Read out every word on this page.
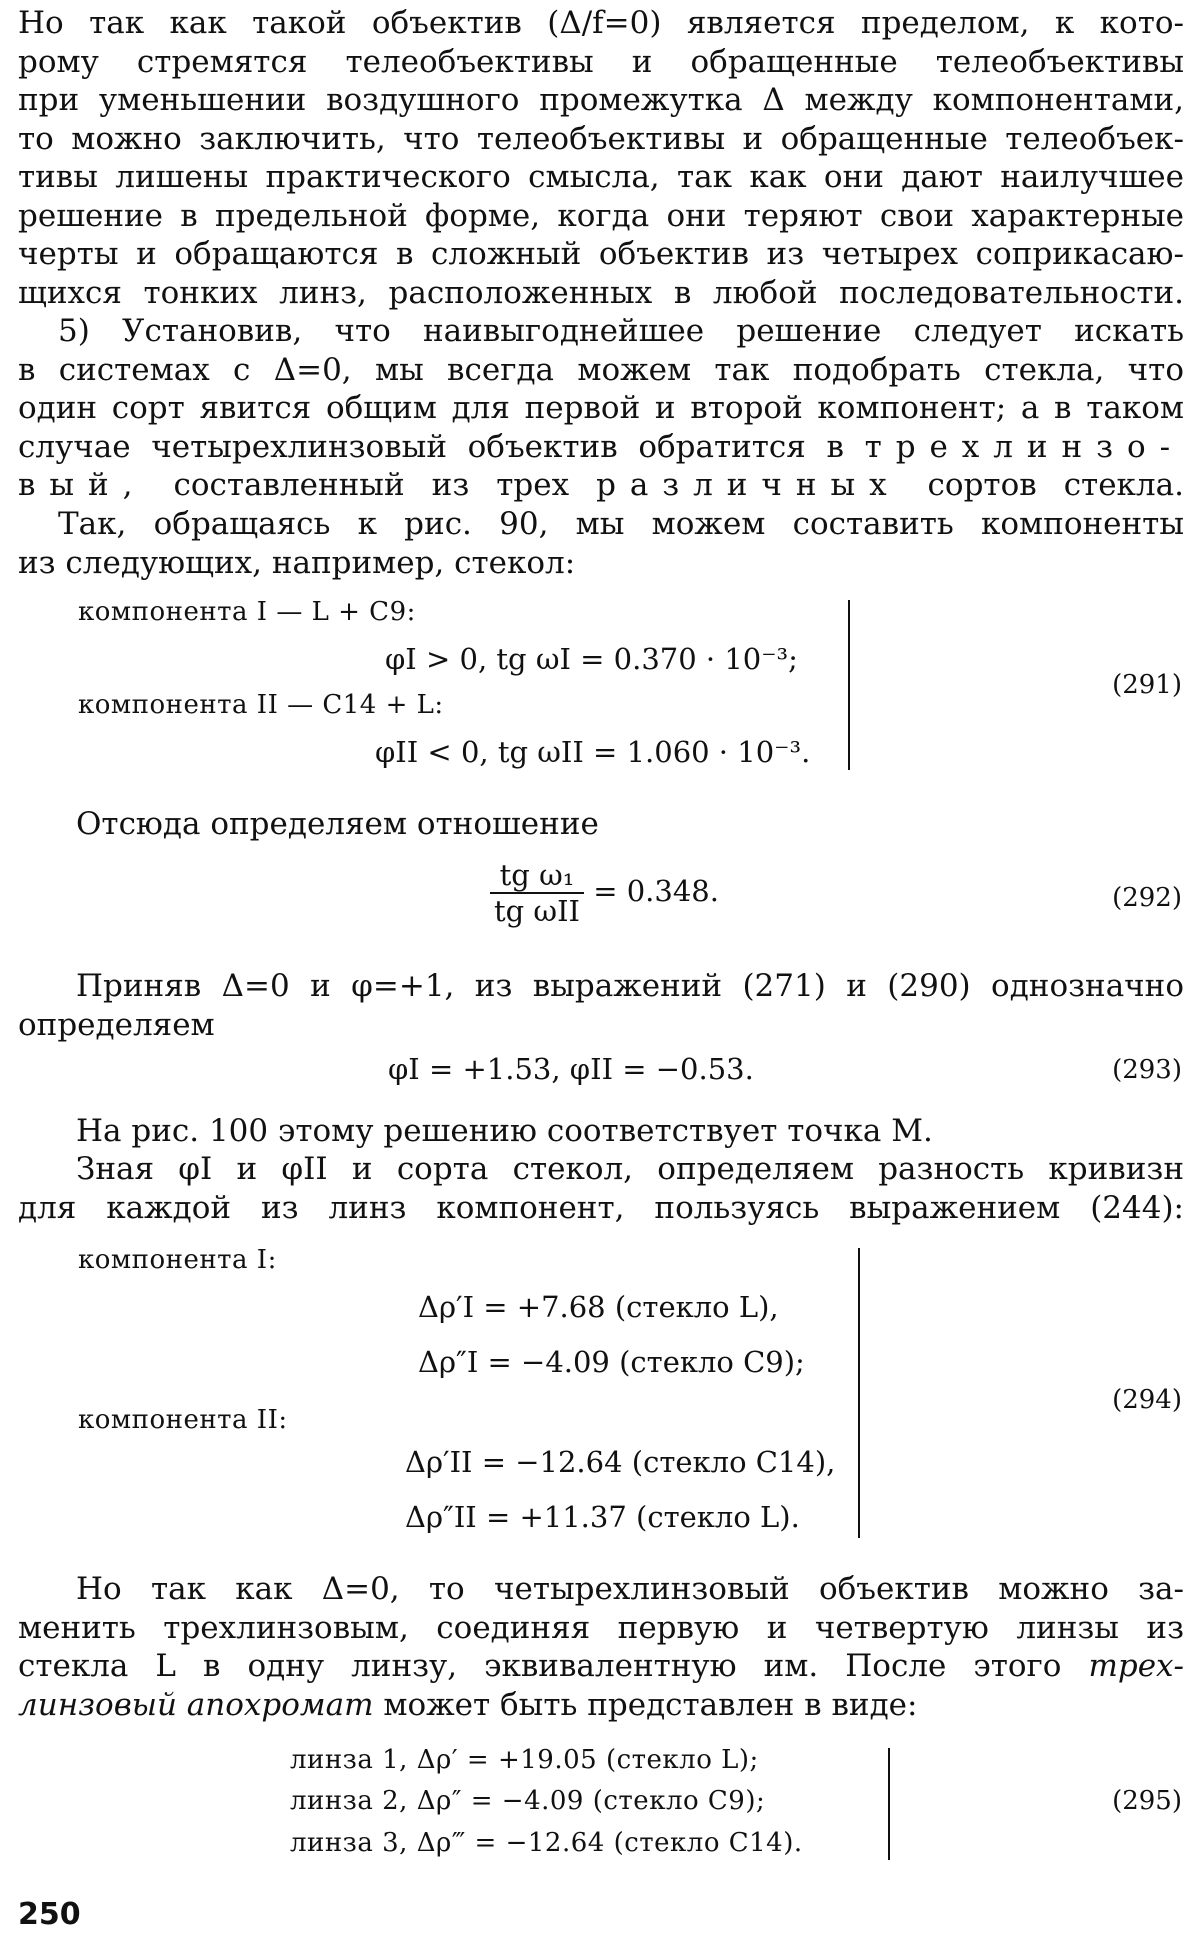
Но так как такой объектив (Δ/f=0) является пределом, к кото-
рому стремятся телеобъективы и обращенные телеобъективы
при уменьшении воздушного промежутка Δ между компонентами,
то можно заключить, что телеобъективы и обращенные телеобъек-
тивы лишены практического смысла, так как они дают наилучшее
решение в предельной форме, когда они теряют свои характерные
черты и обращаются в сложный объектив из четырех соприкасаю-
щихся тонких линз, расположенных в любой последовательности.
5) Установив, что наивыгоднейшее решение следует искать
в системах с Δ=0, мы всегда можем так подобрать стекла, что
один сорт явится общим для первой и второй компонент; а в таком
случае четырехлинзовый объектив обратится в трехлинзо-
вый, составленный из трех различных сортов стекла.
Так, обращаясь к рис. 90, мы можем составить компоненты
из следующих, например, стекол:
компонента I — L + C9:
φI > 0, tg ωI = 0.370 · 10⁻³;
компонента II — C14 + L:
φII < 0, tg ωII = 1.060 · 10⁻³.
(291)
Отсюда определяем отношение
$\frac{\text{tg ω₁}}{\text{tg ωII}} = 0.348$.	(292)
Приняв Δ=0 и φ=+1, из выражений (271) и (290) однозначно
определяем
φI = +1.53, φII = −0.53.	(293)
На рис. 100 этому решению соответствует точка M.
Зная φI и φII и сорта стекол, определяем разность кривизн
для каждой из линз компонент, пользуясь выражением (244):
компонента I:
Δρ′I = +7.68 (стекло L),
Δρ″I = −4.09 (стекло C9);
компонента II:
Δρ′II = −12.64 (стекло C14),
Δρ″II = +11.37 (стекло L).
(294)
Но так как Δ=0, то четырехлинзовый объектив можно за-
менить трехлинзовым, соединяя первую и четвертую линзы из
стекла L в одну линзу, эквивалентную им. После этого трех-
линзовый апохромат может быть представлен в виде:
линза 1, Δρ′ = +19.05 (стекло L);
линза 2, Δρ″ = −4.09 (стекло C9);
линза 3, Δρ‴ = −12.64 (стекло C14).
(295)
250
